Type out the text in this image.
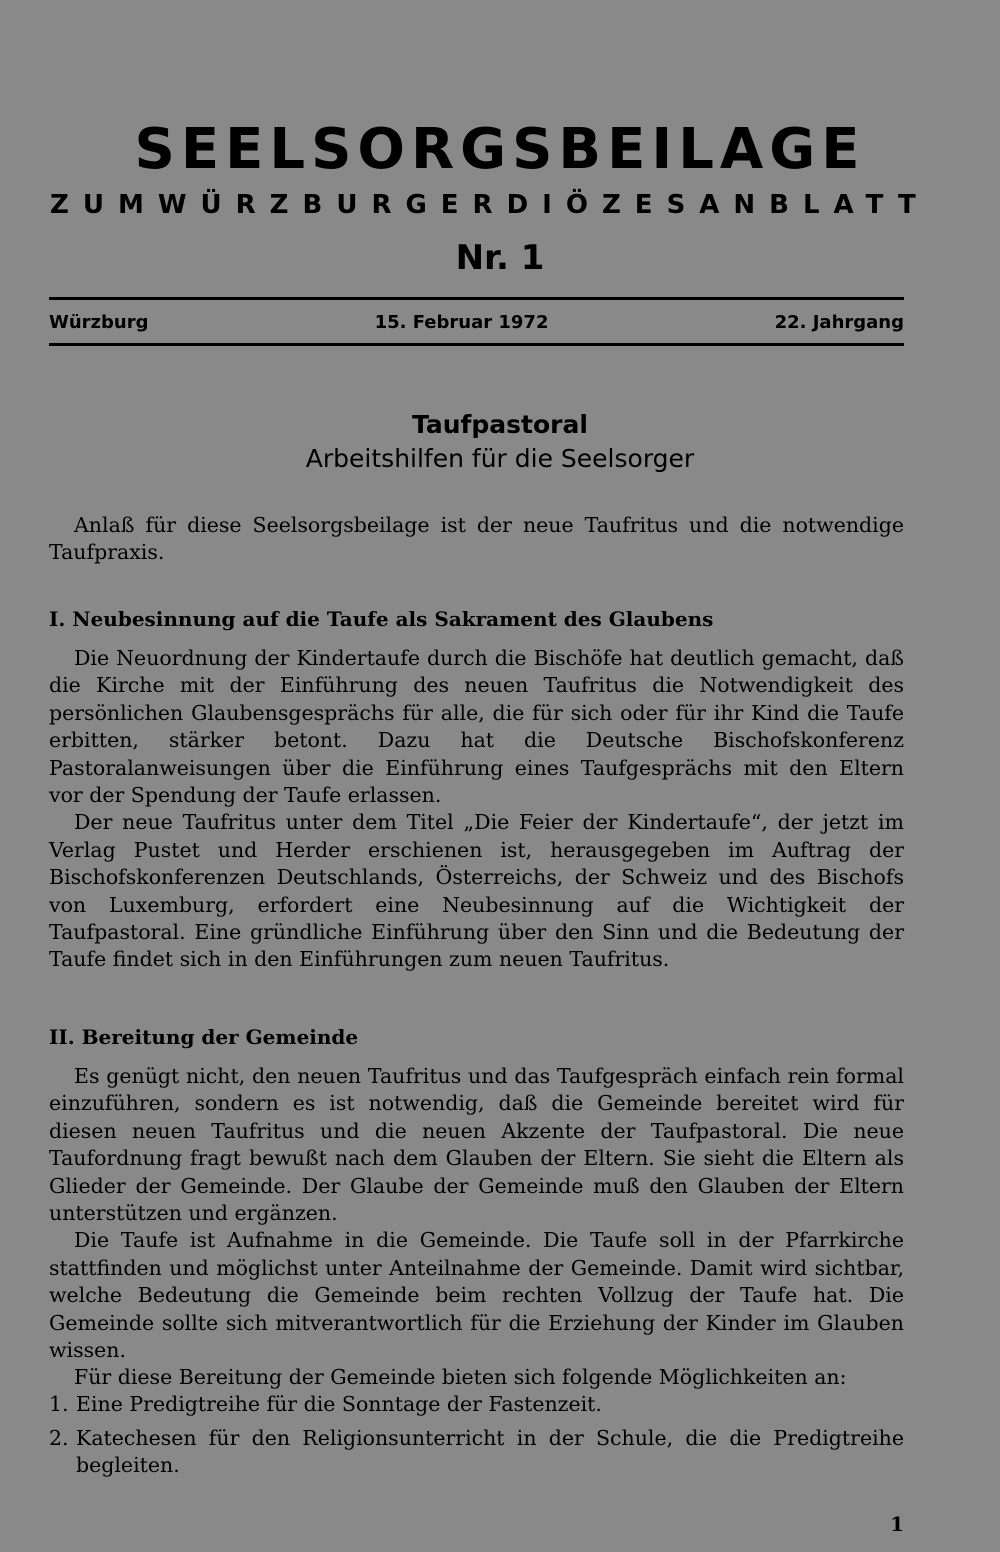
SEELSORGSBEILAGE
ZUM WÜRZBURGER DIÖZESANBLATT
Nr. 1
Würzburg	15. Februar 1972	22. Jahrgang
Taufpastoral
Arbeitshilfen für die Seelsorger

Anlaß für diese Seelsorgsbeilage ist der neue Taufritus und die notwendige Taufpraxis.

I. Neubesinnung auf die Taufe als Sakrament des Glaubens

Die Neuordnung der Kindertaufe durch die Bischöfe hat deutlich gemacht, daß die Kirche mit der Einführung des neuen Taufritus die Notwendigkeit des persönlichen Glaubensgesprächs für alle, die für sich oder für ihr Kind die Taufe erbitten, stärker betont. Dazu hat die Deutsche Bischofskonferenz Pastoralanweisungen über die Einführung eines Taufgesprächs mit den Eltern vor der Spendung der Taufe erlassen.

Der neue Taufritus unter dem Titel „Die Feier der Kindertaufe“, der jetzt im Verlag Pustet und Herder erschienen ist, herausgegeben im Auftrag der Bischofskonferenzen Deutschlands, Österreichs, der Schweiz und des Bischofs von Luxemburg, erfordert eine Neubesinnung auf die Wichtigkeit der Taufpastoral. Eine gründliche Einführung über den Sinn und die Bedeutung der Taufe findet sich in den Einführungen zum neuen Taufritus.

II. Bereitung der Gemeinde

Es genügt nicht, den neuen Taufritus und das Taufgespräch einfach rein formal einzuführen, sondern es ist notwendig, daß die Gemeinde bereitet wird für diesen neuen Taufritus und die neuen Akzente der Taufpastoral. Die neue Taufordnung fragt bewußt nach dem Glauben der Eltern. Sie sieht die Eltern als Glieder der Gemeinde. Der Glaube der Gemeinde muß den Glauben der Eltern unterstützen und ergänzen.

Die Taufe ist Aufnahme in die Gemeinde. Die Taufe soll in der Pfarrkirche stattfinden und möglichst unter Anteilnahme der Gemeinde. Damit wird sichtbar, welche Bedeutung die Gemeinde beim rechten Vollzug der Taufe hat. Die Gemeinde sollte sich mitverantwortlich für die Erziehung der Kinder im Glauben wissen.

Für diese Bereitung der Gemeinde bieten sich folgende Möglichkeiten an:

1. Eine Predigtreihe für die Sonntage der Fastenzeit.
2. Katechesen für den Religionsunterricht in der Schule, die die Predigtreihe begleiten.
1
